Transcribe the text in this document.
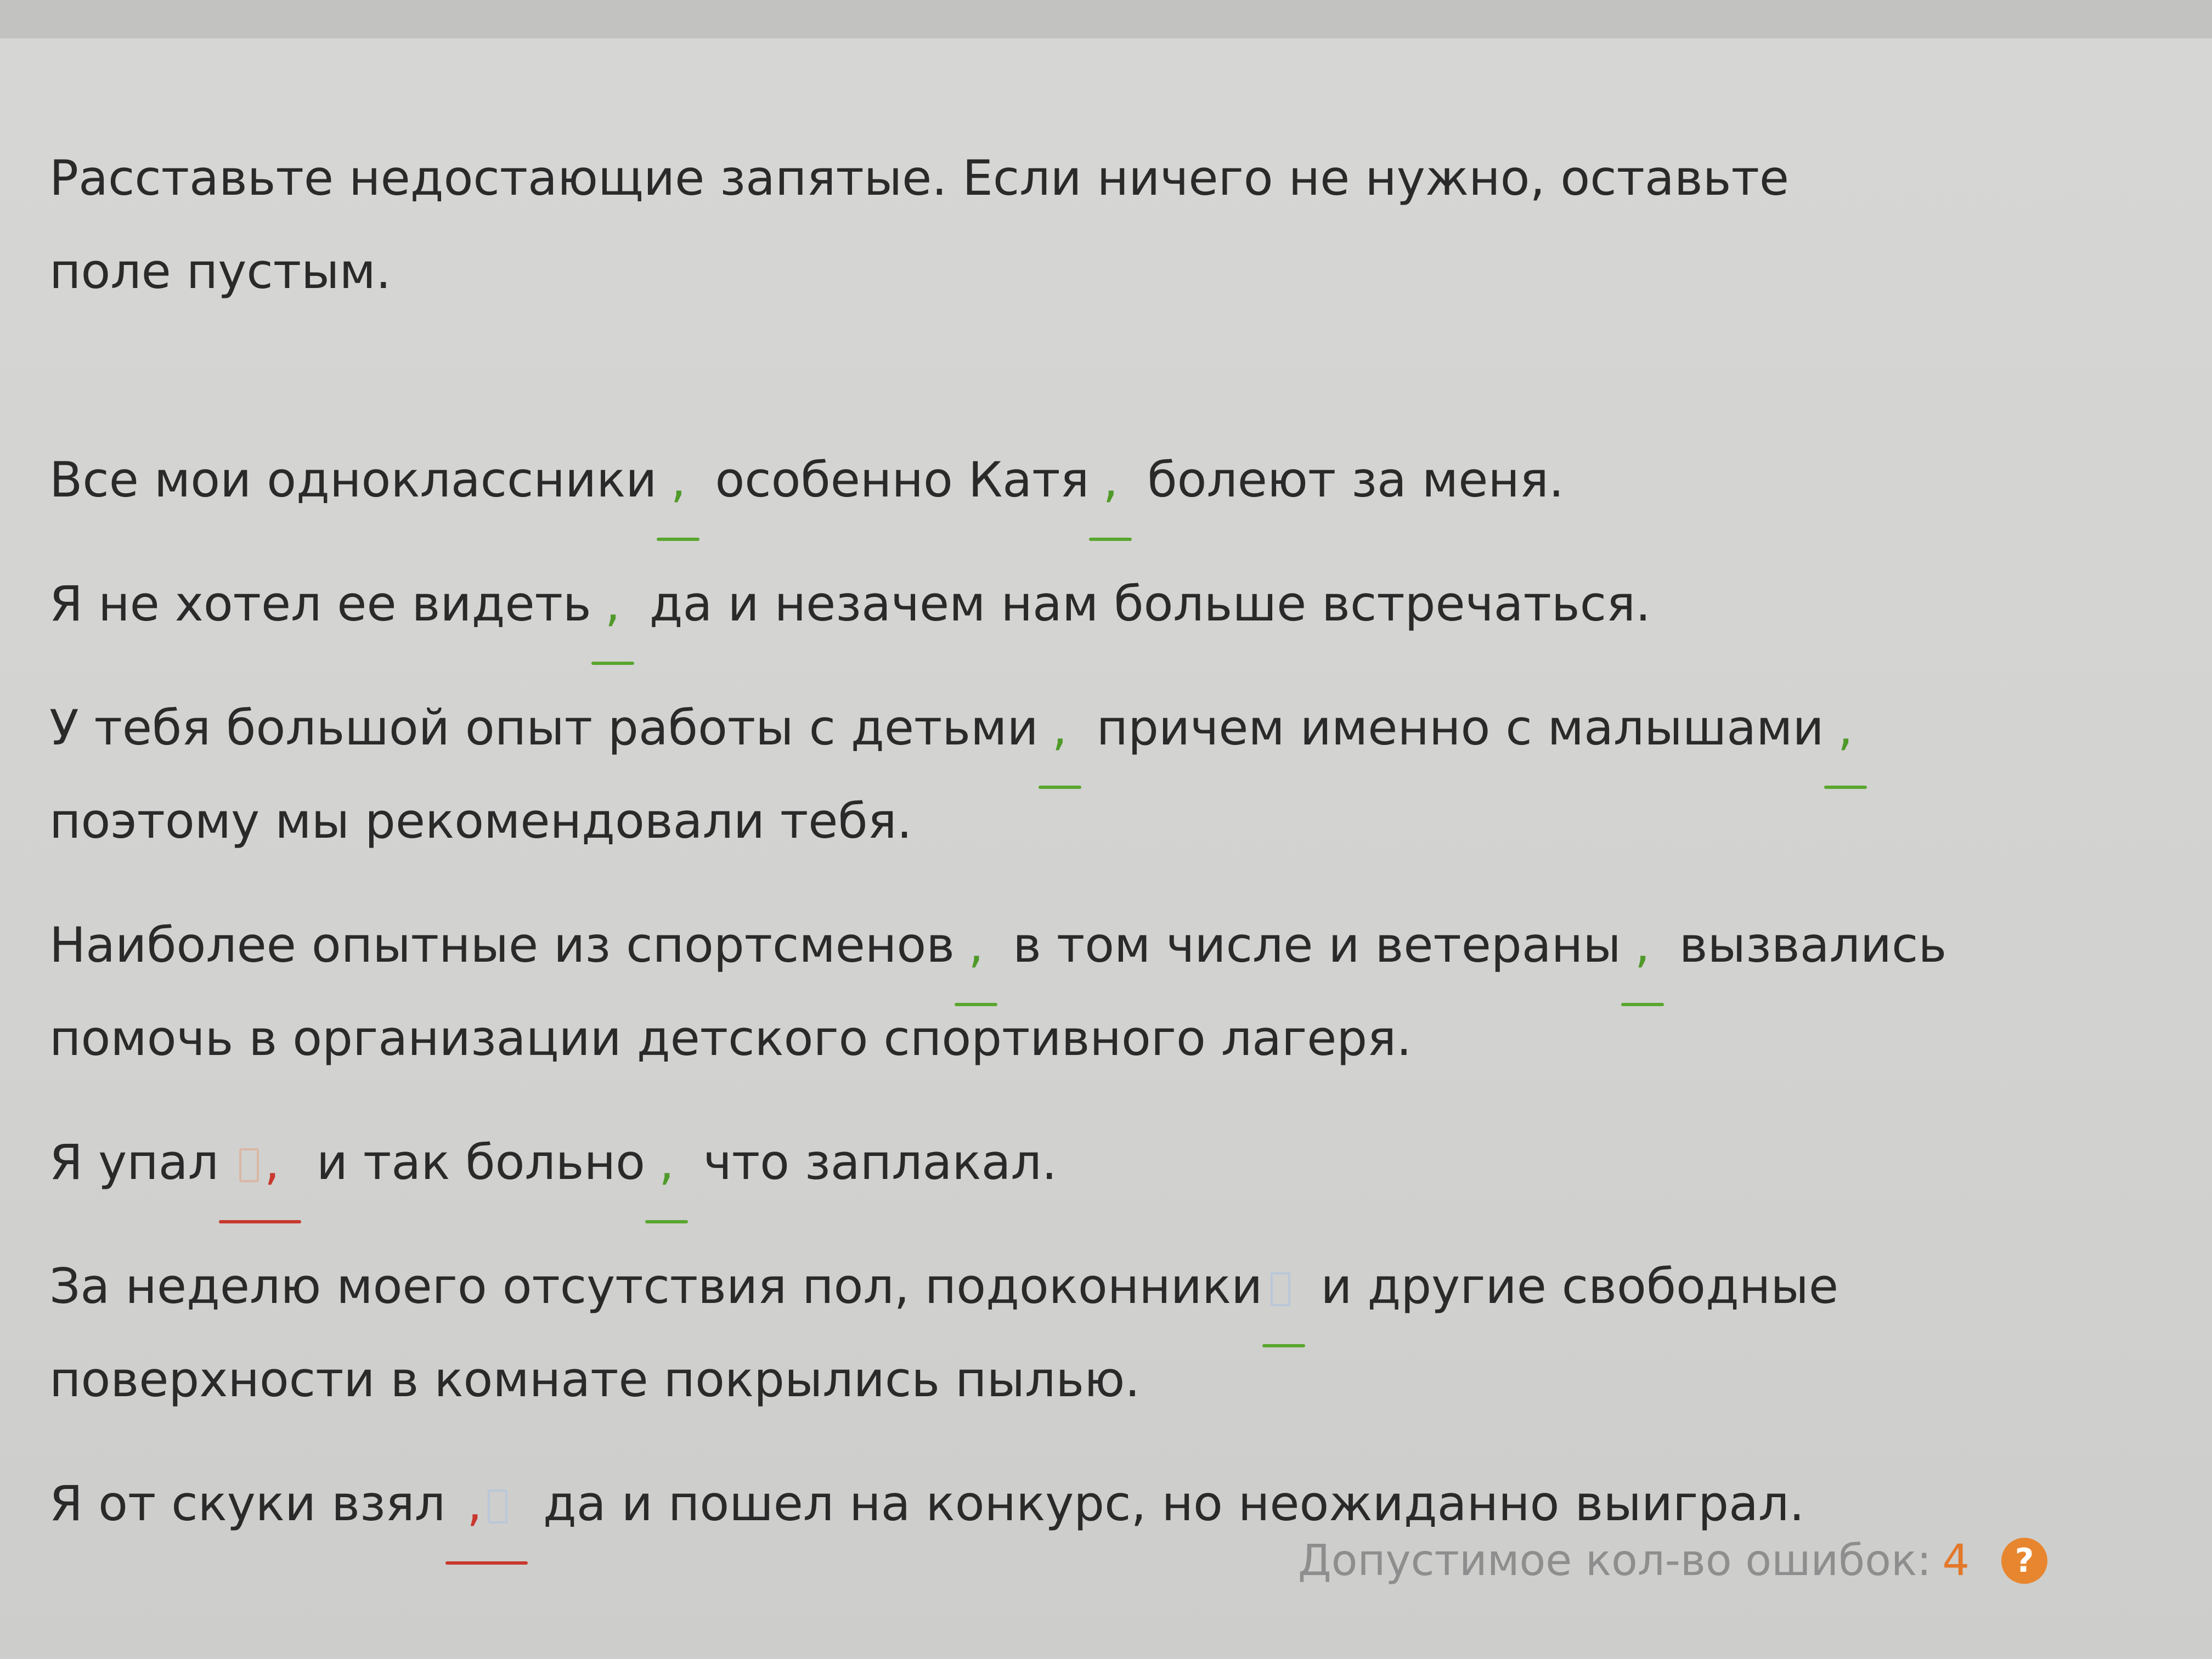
Расставьте недостающие запятые. Если ничего не нужно, оставьте поле пустым.

Все мои одноклассники , особенно Катя , болеют за меня.

Я не хотел ее видеть , да и незачем нам больше встречаться.

У тебя большой опыт работы с детьми , причем именно с малышами , поэтому мы рекомендовали тебя.

Наиболее опытные из спортсменов , в том числе и ветераны , вызвались помочь в организации детского спортивного лагеря.

Я упал , и так больно , что заплакал.

За неделю моего отсутствия пол, подоконники и другие свободные поверхности в комнате покрылись пылью.

Я от скуки взял , да и пошел на конкурс, но неожиданно выиграл.

Допустимое кол-во ошибок: 4	?
